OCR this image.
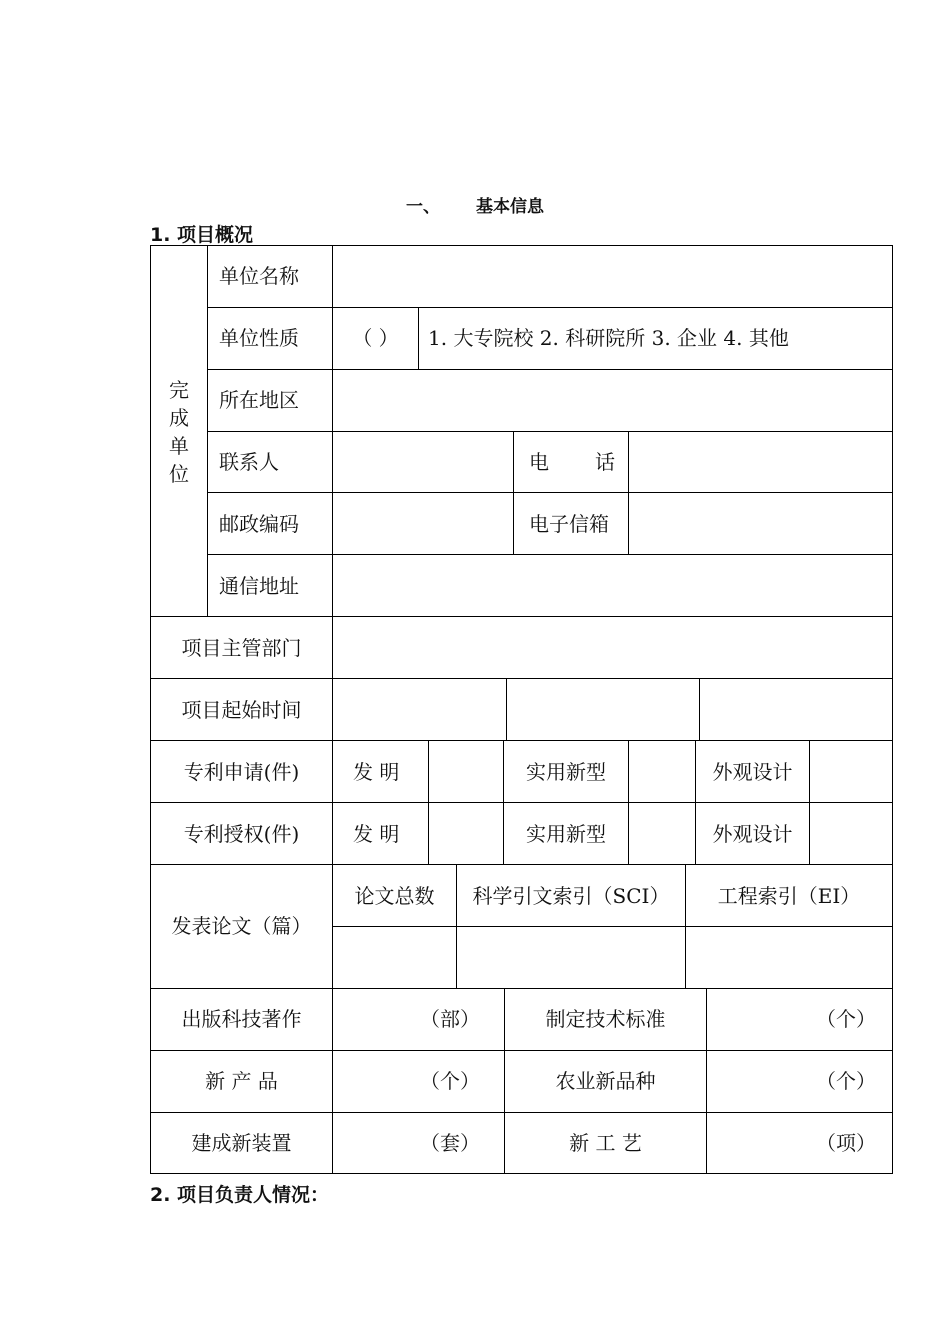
一、 基本信息
1. 项目概况
完
成
单
位
单位名称
单位性质	（ ）	1. 大专院校 2. 科研院所 3. 企业 4. 其他
所在地区
联系人	电 话
邮政编码	电子信箱
通信地址
项目主管部门
项目起始时间
专利申请(件)	发 明	实用新型	外观设计
专利授权(件)	发 明	实用新型	外观设计
发表论文（篇）
论文总数	科学引文索引（SCI）	工程索引（EI）
出版科技著作	（部）	制定技术标准	（个）
新 产 品	（个）	农业新品种	（个）
建成新装置	（套）	新 工 艺	（项）
2. 项目负责人情况：
